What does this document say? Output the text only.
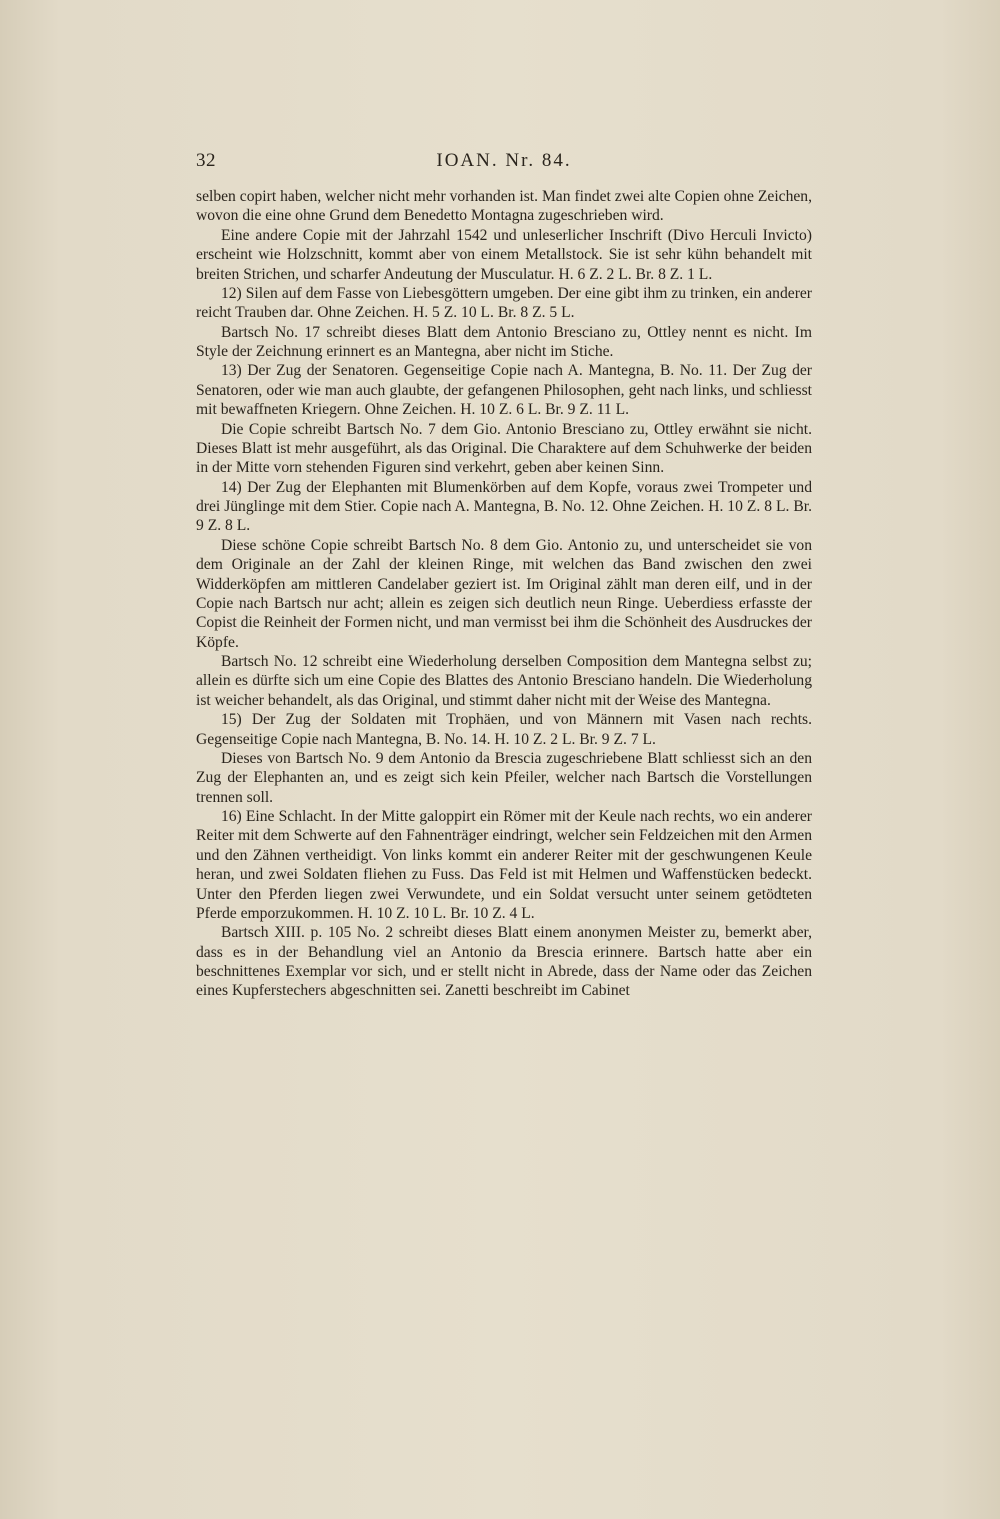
32	IOAN. Nr. 84.

selben copirt haben, welcher nicht mehr vorhanden ist. Man findet zwei alte Copien ohne Zeichen, wovon die eine ohne Grund dem Benedetto Montagna zugeschrieben wird.

Eine andere Copie mit der Jahrzahl 1542 und unleserlicher Inschrift (Divo Herculi Invicto) erscheint wie Holzschnitt, kommt aber von einem Metallstock. Sie ist sehr kühn behandelt mit breiten Strichen, und scharfer Andeutung der Musculatur. H. 6 Z. 2 L. Br. 8 Z. 1 L.

12) Silen auf dem Fasse von Liebesgöttern umgeben. Der eine gibt ihm zu trinken, ein anderer reicht Trauben dar. Ohne Zeichen. H. 5 Z. 10 L. Br. 8 Z. 5 L.

Bartsch No. 17 schreibt dieses Blatt dem Antonio Bresciano zu, Ottley nennt es nicht. Im Style der Zeichnung erinnert es an Mantegna, aber nicht im Stiche.

13) Der Zug der Senatoren. Gegenseitige Copie nach A. Mantegna, B. No. 11. Der Zug der Senatoren, oder wie man auch glaubte, der gefangenen Philosophen, geht nach links, und schliesst mit bewaffneten Kriegern. Ohne Zeichen. H. 10 Z. 6 L. Br. 9 Z. 11 L.

Die Copie schreibt Bartsch No. 7 dem Gio. Antonio Bresciano zu, Ottley erwähnt sie nicht. Dieses Blatt ist mehr ausgeführt, als das Original. Die Charaktere auf dem Schuhwerke der beiden in der Mitte vorn stehenden Figuren sind verkehrt, geben aber keinen Sinn.

14) Der Zug der Elephanten mit Blumenkörben auf dem Kopfe, voraus zwei Trompeter und drei Jünglinge mit dem Stier. Copie nach A. Mantegna, B. No. 12. Ohne Zeichen. H. 10 Z. 8 L. Br. 9 Z. 8 L.

Diese schöne Copie schreibt Bartsch No. 8 dem Gio. Antonio zu, und unterscheidet sie von dem Originale an der Zahl der kleinen Ringe, mit welchen das Band zwischen den zwei Widderköpfen am mittleren Candelaber geziert ist. Im Original zählt man deren eilf, und in der Copie nach Bartsch nur acht; allein es zeigen sich deutlich neun Ringe. Ueberdiess erfasste der Copist die Reinheit der Formen nicht, und man vermisst bei ihm die Schönheit des Ausdruckes der Köpfe.

Bartsch No. 12 schreibt eine Wiederholung derselben Composition dem Mantegna selbst zu; allein es dürfte sich um eine Copie des Blattes des Antonio Bresciano handeln. Die Wiederholung ist weicher behandelt, als das Original, und stimmt daher nicht mit der Weise des Mantegna.

15) Der Zug der Soldaten mit Trophäen, und von Männern mit Vasen nach rechts. Gegenseitige Copie nach Mantegna, B. No. 14. H. 10 Z. 2 L. Br. 9 Z. 7 L.

Dieses von Bartsch No. 9 dem Antonio da Brescia zugeschriebene Blatt schliesst sich an den Zug der Elephanten an, und es zeigt sich kein Pfeiler, welcher nach Bartsch die Vorstellungen trennen soll.

16) Eine Schlacht. In der Mitte galoppirt ein Römer mit der Keule nach rechts, wo ein anderer Reiter mit dem Schwerte auf den Fahnenträger eindringt, welcher sein Feldzeichen mit den Armen und den Zähnen vertheidigt. Von links kommt ein anderer Reiter mit der geschwungenen Keule heran, und zwei Soldaten fliehen zu Fuss. Das Feld ist mit Helmen und Waffenstücken bedeckt. Unter den Pferden liegen zwei Verwundete, und ein Soldat versucht unter seinem getödteten Pferde emporzukommen. H. 10 Z. 10 L. Br. 10 Z. 4 L.

Bartsch XIII. p. 105 No. 2 schreibt dieses Blatt einem anonymen Meister zu, bemerkt aber, dass es in der Behandlung viel an Antonio da Brescia erinnere. Bartsch hatte aber ein beschnittenes Exemplar vor sich, und er stellt nicht in Abrede, dass der Name oder das Zeichen eines Kupferstechers abgeschnitten sei. Zanetti beschreibt im Cabinet
